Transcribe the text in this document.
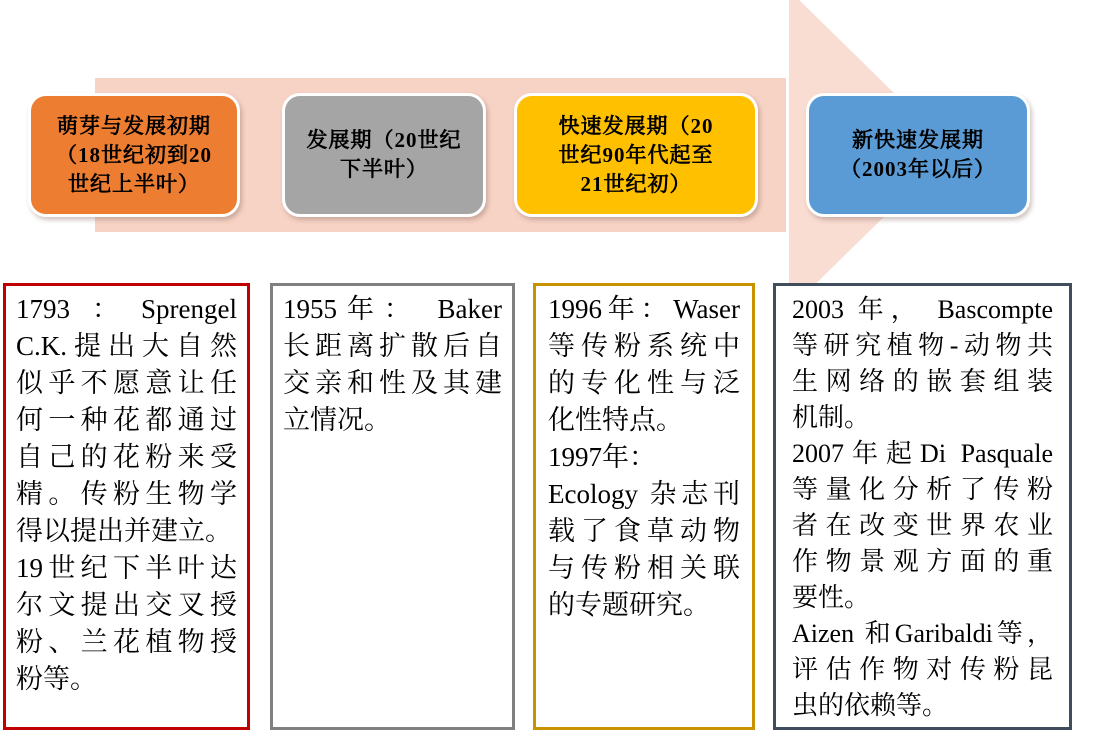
萌芽与发展初期
（18世纪初到20
世纪上半叶）
发展期（20世纪
下半叶）
快速发展期（20
世纪90年代起至
21世纪初）
新快速发展期
（2003年以后）
1793：Sprengel
C.K.提出大自然
似乎不愿意让任
何一种花都通过
自己的花粉来受
精。传粉生物学
得以提出并建立。
19世纪下半叶达
尔文提出交叉授
粉、兰花植物授
粉等。
1955年： Baker
长距离扩散后自
交亲和性及其建
立情况。
1996年：Waser
等传粉系统中
的专化性与泛
化性特点。
1997年：
Ecology 杂志刊
载了食草动物
与传粉相关联
的专题研究。
2003 年， Bascompte
等研究植物-动物共
生网络的嵌套组装
机制。
2007年起Di Pasquale
等量化分析了传粉
者在改变世界农业
作物景观方面的重
要性。
Aizen 和Garibaldi等，
评估作物对传粉昆
虫的依赖等。
